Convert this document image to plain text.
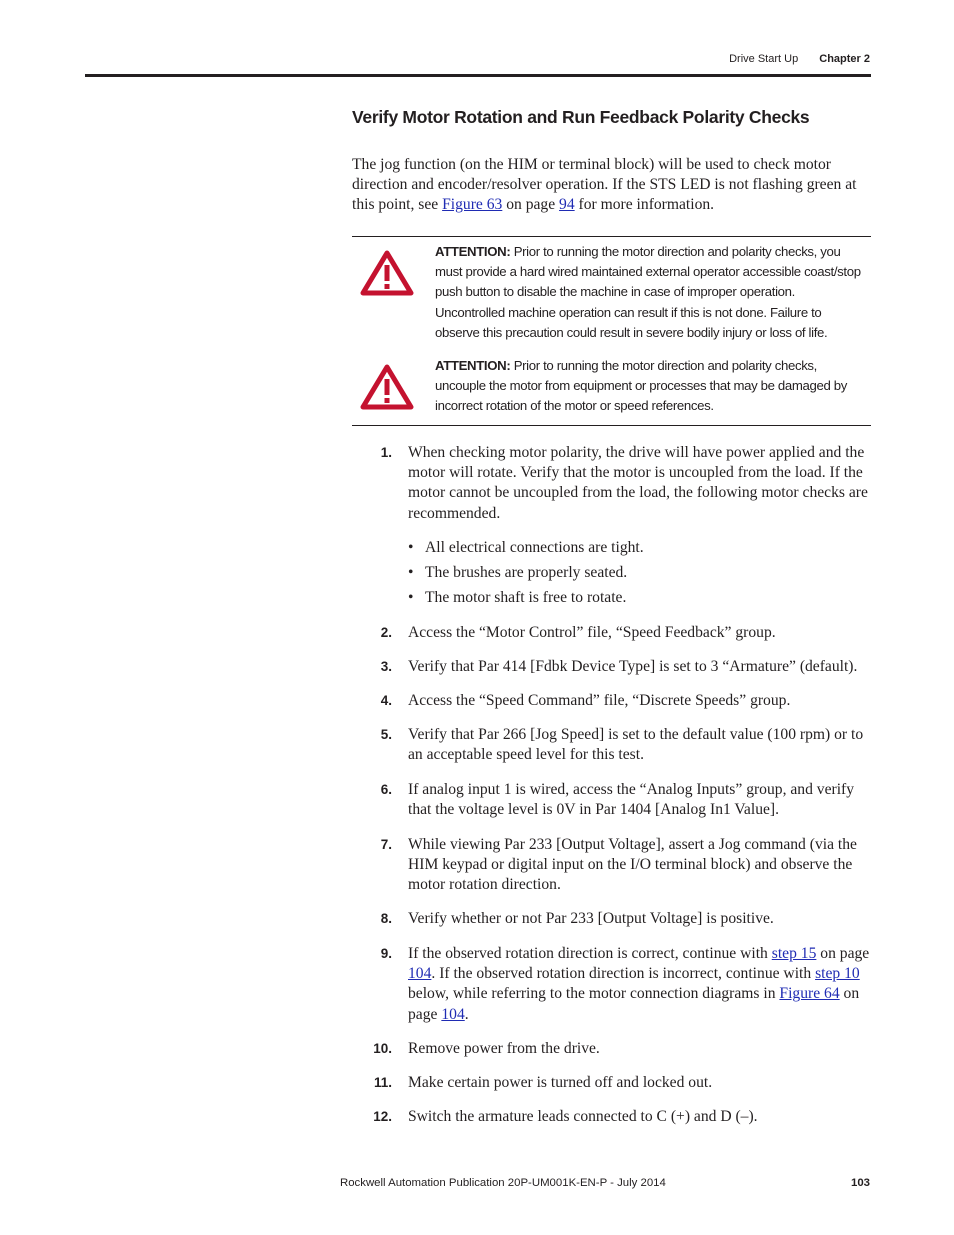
Drive Start Up Chapter 2
Verify Motor Rotation and Run Feedback Polarity Checks

The jog function (on the HIM or terminal block) will be used to check motor direction and encoder/resolver operation. If the STS LED is not flashing green at this point, see Figure 63 on page 94 for more information.

ATTENTION: Prior to running the motor direction and polarity checks, you must provide a hard wired maintained external operator accessible coast/stop push button to disable the machine in case of improper operation. Uncontrolled machine operation can result if this is not done. Failure to observe this precaution could result in severe bodily injury or loss of life.

ATTENTION: Prior to running the motor direction and polarity checks, uncouple the motor from equipment or processes that may be damaged by incorrect rotation of the motor or speed references.

1. When checking motor polarity, the drive will have power applied and the motor will rotate. Verify that the motor is uncoupled from the load. If the motor cannot be uncoupled from the load, the following motor checks are recommended.
• All electrical connections are tight.
• The brushes are properly seated.
• The motor shaft is free to rotate.
2. Access the “Motor Control” file, “Speed Feedback” group.
3. Verify that Par 414 [Fdbk Device Type] is set to 3 “Armature” (default).
4. Access the “Speed Command” file, “Discrete Speeds” group.
5. Verify that Par 266 [Jog Speed] is set to the default value (100 rpm) or to an acceptable speed level for this test.
6. If analog input 1 is wired, access the “Analog Inputs” group, and verify that the voltage level is 0V in Par 1404 [Analog In1 Value].
7. While viewing Par 233 [Output Voltage], assert a Jog command (via the HIM keypad or digital input on the I/O terminal block) and observe the motor rotation direction.
8. Verify whether or not Par 233 [Output Voltage] is positive.
9. If the observed rotation direction is correct, continue with step 15 on page 104. If the observed rotation direction is incorrect, continue with step 10 below, while referring to the motor connection diagrams in Figure 64 on page 104.
10. Remove power from the drive.
11. Make certain power is turned off and locked out.
12. Switch the armature leads connected to C (+) and D (–).
Rockwell Automation Publication 20P-UM001K-EN-P - July 2014	103
